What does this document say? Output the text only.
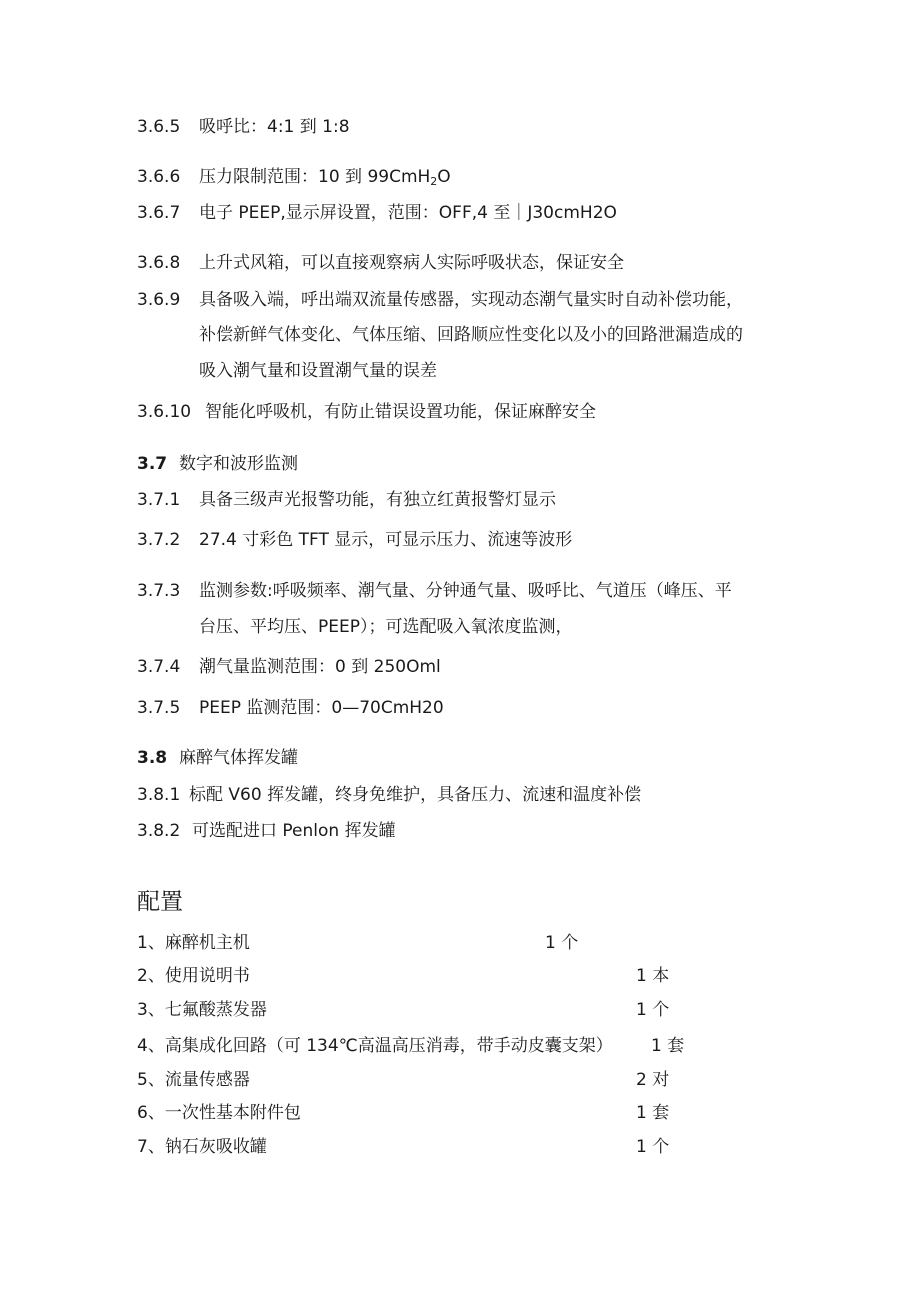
3.6.5 吸呼比：4:1 到 1:8
3.6.6 压力限制范围：10 到 99CmH$_2$O
3.6.7 电子 PEEP,显示屏设置，范围：OFF,4 至｜J30cmH2O
3.6.8 上升式风箱，可以直接观察病人实际呼吸状态，保证安全
3.6.9 具备吸入端，呼出端双流量传感器，实现动态潮气量实时自动补偿功能，
补偿新鲜气体变化、气体压缩、回路顺应性变化以及小的回路泄漏造成的
吸入潮气量和设置潮气量的误差
3.6.10 智能化呼吸机，有防止错误设置功能，保证麻醉安全
3.7 数字和波形监测
3.7.1 具备三级声光报警功能，有独立红黄报警灯显示
3.7.2 27.4 寸彩色 TFT 显示，可显示压力、流速等波形
3.7.3 监测参数:呼吸频率、潮气量、分钟通气量、吸呼比、气道压（峰压、平
台压、平均压、PEEP）；可选配吸入氧浓度监测，
3.7.4 潮气量监测范围：0 到 250Oml
3.7.5 PEEP 监测范围：0—70CmH20
3.8 麻醉气体挥发罐
3.8.1 标配 V60 挥发罐，终身免维护，具备压力、流速和温度补偿
3.8.2 可选配进口 Penlon 挥发罐
配置
1、麻醉机主机	1 个
2、使用说明书	1 本
3、七氟酸蒸发器	1 个
4、高集成化回路（可 134℃高温高压消毒，带手动皮囊支架） 1 套
5、流量传感器	2 对
6、一次性基本附件包	1 套
7、钠石灰吸收罐	1 个
